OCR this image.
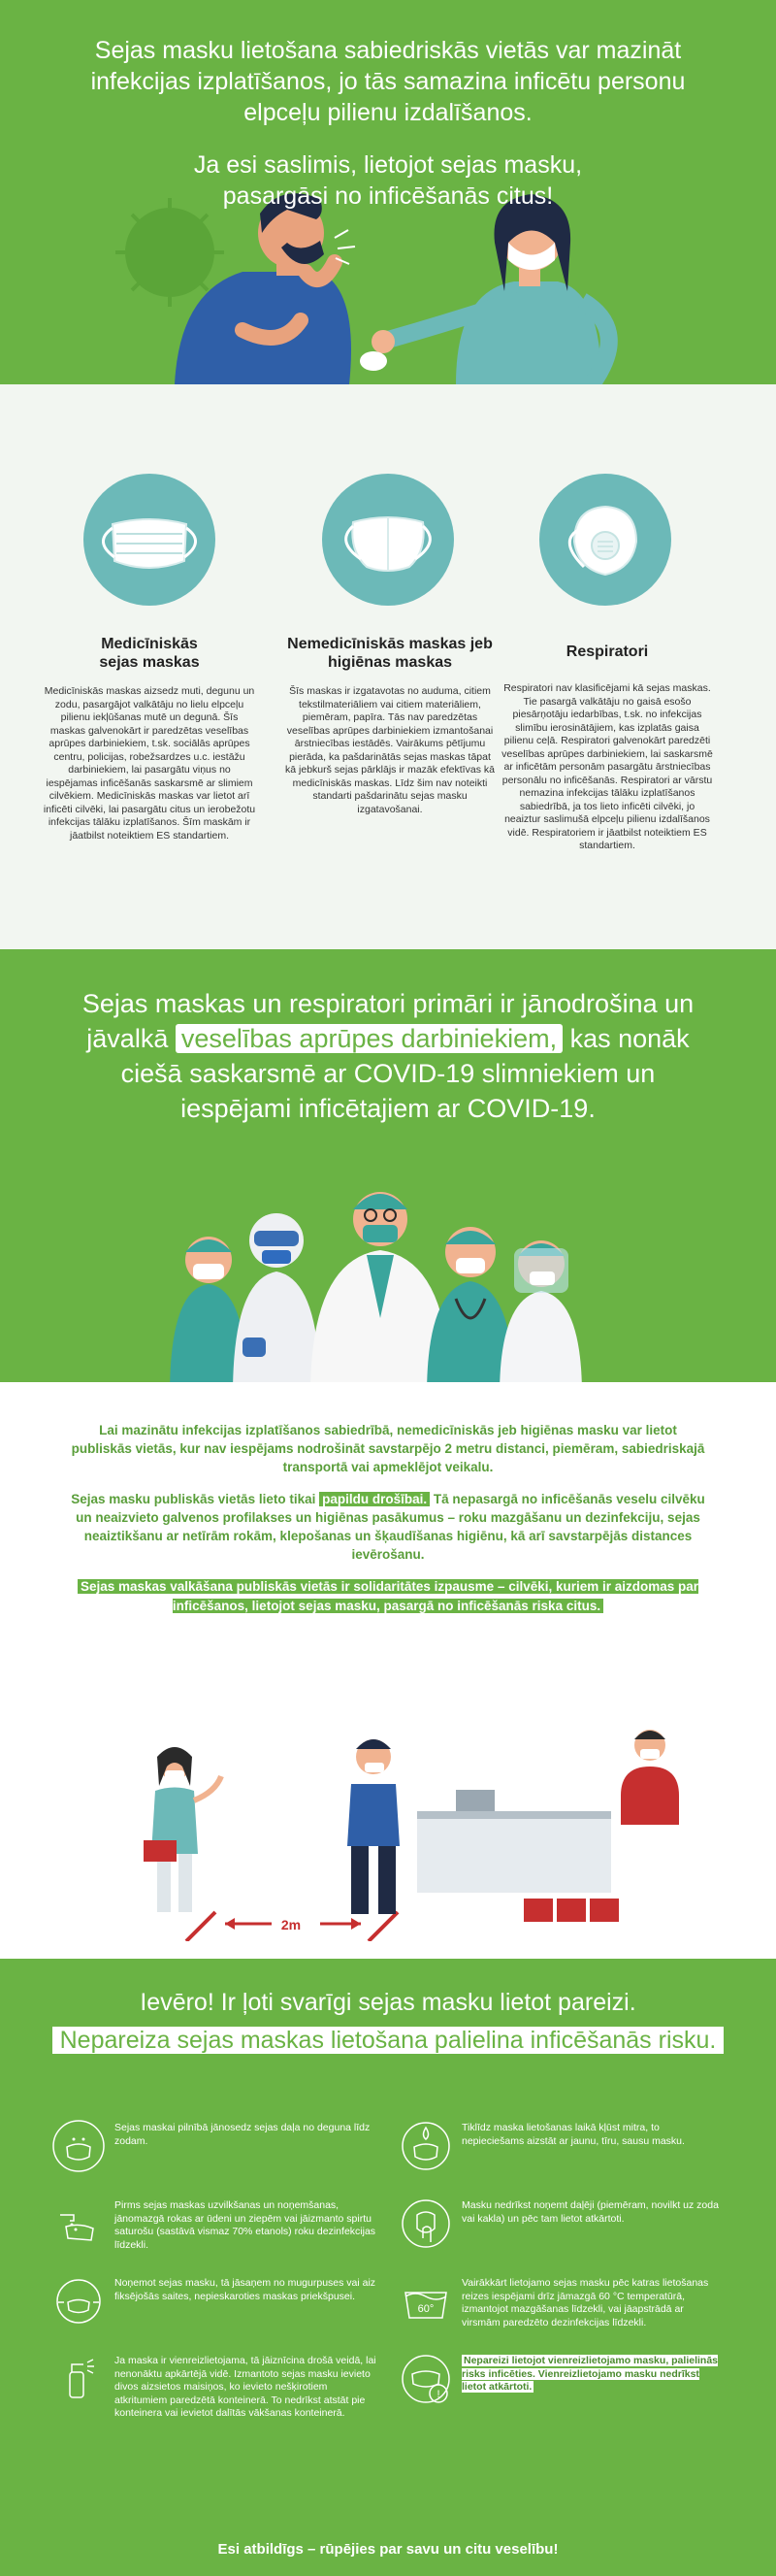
Sejas masku lietošana sabiedriskās vietās var mazināt infekcijas izplatīšanos, jo tās samazina inficētu personu elpceļu pilienu izdalīšanos.

Ja esi saslimis, lietojot sejas masku, pasargāsi no inficēšanās citus!

Medicīniskās sejas maskas

Medicīniskās maskas aizsedz muti, degunu un zodu, pasargājot valkātāju no lielu elpceļu pilienu iekļūšanas mutē un degunā. Šīs maskas galvenokārt ir paredzētas veselības aprūpes darbiniekiem, t.sk. sociālās aprūpes centru, policijas, robežsardzes u.c. iestāžu darbiniekiem, lai pasargātu viņus no iespējamas inficēšanās saskarsmē ar slimiem cilvēkiem. Medicīniskās maskas var lietot arī inficēti cilvēki, lai pasargātu citus un ierobežotu infekcijas tālāku izplatīšanos. Šīm maskām ir jāatbilst noteiktiem ES standartiem.

Nemedicīniskās maskas jeb higiēnas maskas

Šīs maskas ir izgatavotas no auduma, citiem tekstilmateriāliem vai citiem materiāliem, piemēram, papīra. Tās nav paredzētas veselības aprūpes darbiniekiem izmantošanai ārstniecības iestādēs. Vairākums pētījumu pierāda, ka pašdarinātās sejas maskas tāpat kā jebkurš sejas pārklājs ir mazāk efektīvas kā medicīniskās maskas. Līdz šim nav noteikti standarti pašdarinātu sejas masku izgatavošanai.

Respiratori

Respiratori nav klasificējami kā sejas maskas. Tie pasargā valkātāju no gaisā esošo piesārņotāju iedarbības, t.sk. no infekcijas slimību ierosinātājiem, kas izplatās gaisa pilienu ceļā. Respiratori galvenokārt paredzēti veselības aprūpes darbiniekiem, lai saskarsmē ar inficētām personām pasargātu ārstniecības personālu no inficēšanās. Respiratori ar vārstu nemazina infekcijas tālāku izplatīšanos sabiedrībā, ja tos lieto inficēti cilvēki, jo neaiztur saslimušā elpceļu pilienu izdalīšanos vidē. Respiratoriem ir jāatbilst noteiktiem ES standartiem.

Sejas maskas un respiratori primāri ir jānodrošina un jāvalkā veselības aprūpes darbiniekiem, kas nonāk ciešā saskarsmē ar COVID-19 slimniekiem un iespējami inficētajiem ar COVID-19.

Lai mazinātu infekcijas izplatīšanos sabiedrībā, nemedicīniskās jeb higiēnas masku var lietot publiskās vietās, kur nav iespējams nodrošināt savstarpējo 2 metru distanci, piemēram, sabiedriskajā transportā vai apmeklējot veikalu.

Sejas masku publiskās vietās lieto tikai papildu drošībai. Tā nepasargā no inficēšanās veselu cilvēku un neaizvieto galvenos profilakses un higiēnas pasākumus – roku mazgāšanu un dezinfekciju, sejas neaiztikšanu ar netīrām rokām, klepošanas un šķaudīšanas higiēnu, kā arī savstarpējās distances ievērošanu.

Sejas maskas valkāšana publiskās vietās ir solidaritātes izpausme – cilvēki, kuriem ir aizdomas par inficēšanos, lietojot sejas masku, pasargā no inficēšanās riska citus.

2m
Ievēro! Ir ļoti svarīgi sejas masku lietot pareizi.

Nepareiza sejas maskas lietošana palielina inficēšanās risku.

Sejas maskai pilnībā jānosedz sejas daļa no deguna līdz zodam.
Pirms sejas maskas uzvilkšanas un noņemšanas, jānomazgā rokas ar ūdeni un ziepēm vai jāizmanto spirtu saturošu (sastāvā vismaz 70% etanols) roku dezinfekcijas līdzekli.
Noņemot sejas masku, tā jāsaņem no mugurpuses vai aiz fiksējošās saites, nepieskaroties maskas priekšpusei.
Ja maska ir vienreizlietojama, tā jāiznīcina drošā veidā, lai nenonāktu apkārtējā vidē. Izmantoto sejas masku ievieto divos aizsietos maisiņos, ko ievieto nešķirotiem atkritumiem paredzētā konteinerā. To nedrīkst atstāt pie konteinera vai ievietot dalītās vākšanas konteinerā.
Tiklīdz maska lietošanas laikā kļūst mitra, to nepieciešams aizstāt ar jaunu, tīru, sausu masku.
Masku nedrīkst noņemt daļēji (piemēram, novilkt uz zoda vai kakla) un pēc tam lietot atkārtoti.
60°
Vairākkārt lietojamo sejas masku pēc katras lietošanas reizes iespējami drīz jāmazgā 60 °C temperatūrā, izmantojot mazgāšanas līdzekli, vai jāapstrādā ar virsmām paredzēto dezinfekcijas līdzekli.
!
Nepareizi lietojot vienreizlietojamo masku, palielinās risks inficēties. Vienreizlietojamo masku nedrīkst lietot atkārtoti.

Esi atbildīgs – rūpējies par savu un citu veselību!
